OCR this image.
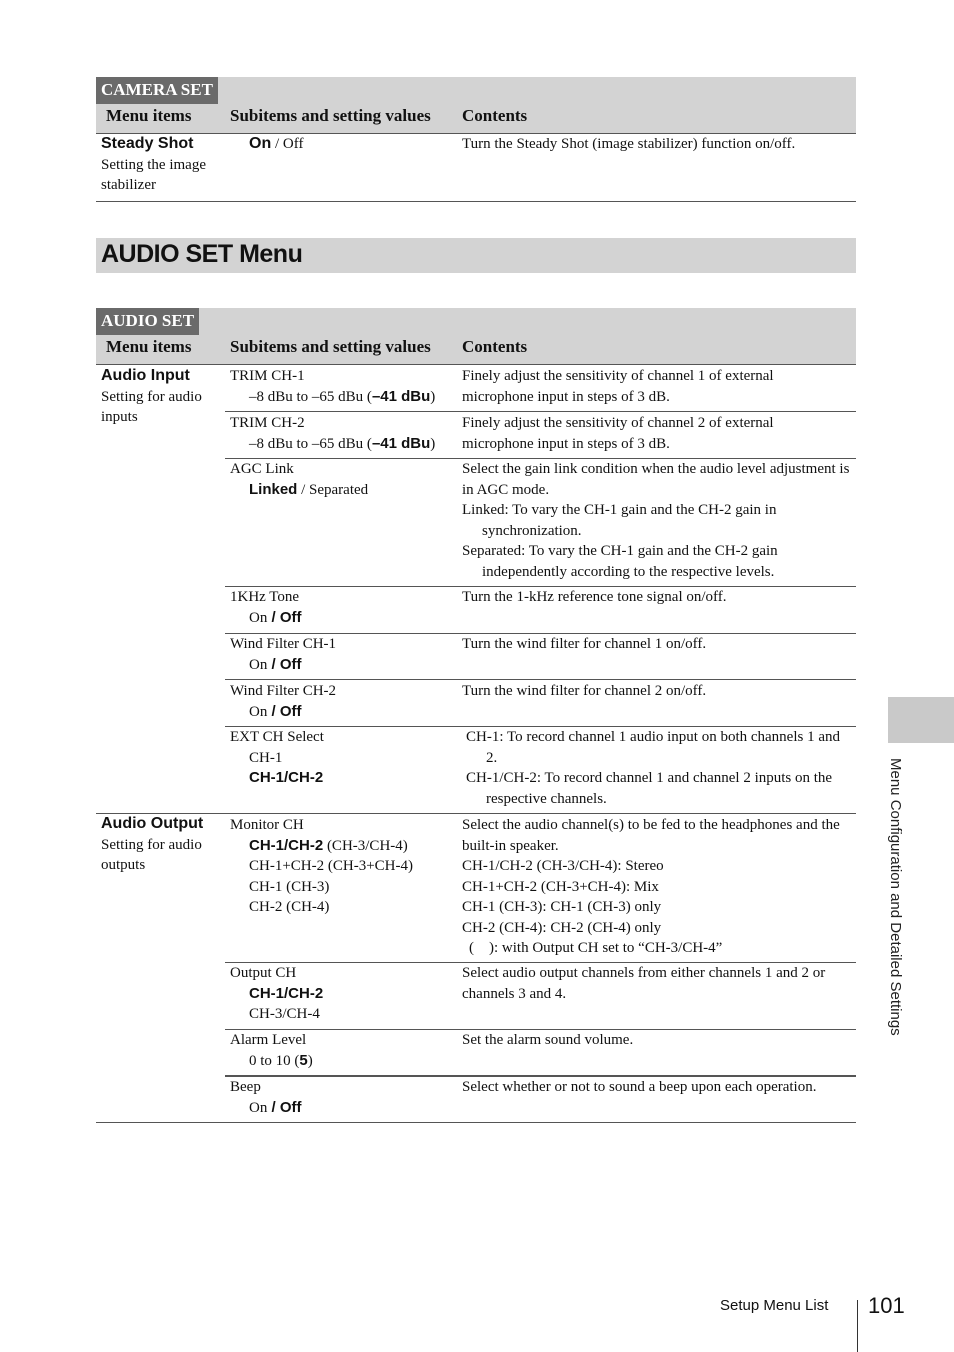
CAMERA SET
Menu items Subitems and setting values Contents
Steady Shot
Setting the image stabilizer
On / Off	Turn the Steady Shot (image stabilizer) function on/off.
AUDIO SET Menu
AUDIO SET
Menu items Subitems and setting values Contents
Audio Input
Setting for audio inputs
TRIM CH-1
–8 dBu to –65 dBu (–41 dBu)
Finely adjust the sensitivity of channel 1 of external microphone input in steps of 3 dB.
TRIM CH-2
–8 dBu to –65 dBu (–41 dBu)
Finely adjust the sensitivity of channel 2 of external microphone input in steps of 3 dB.
AGC Link
Linked / Separated
Select the gain link condition when the audio level adjustment is in AGC mode.
Linked: To vary the CH-1 gain and the CH-2 gain in synchronization.
Separated: To vary the CH-1 gain and the CH-2 gain independently according to the respective levels.
1KHz Tone
On / Off
Turn the 1-kHz reference tone signal on/off.
Wind Filter CH-1
On / Off
Turn the wind filter for channel 1 on/off.
Wind Filter CH-2
On / Off
Turn the wind filter for channel 2 on/off.
EXT CH Select
CH-1
CH-1/CH-2
CH-1: To record channel 1 audio input on both channels 1 and 2.
CH-1/CH-2: To record channel 1 and channel 2 inputs on the respective channels.
Audio Output
Setting for audio outputs
Monitor CH
CH-1/CH-2 (CH-3/CH-4)
CH-1+CH-2 (CH-3+CH-4)
CH-1 (CH-3)
CH-2 (CH-4)
Select the audio channel(s) to be fed to the headphones and the built-in speaker.
CH-1/CH-2 (CH-3/CH-4): Stereo
CH-1+CH-2 (CH-3+CH-4): Mix
CH-1 (CH-3): CH-1 (CH-3) only
CH-2 (CH-4): CH-2 (CH-4) only
(    ): with Output CH set to “CH-3/CH-4”
Output CH
CH-1/CH-2
CH-3/CH-4
Select audio output channels from either channels 1 and 2 or channels 3 and 4.
Alarm Level
0 to 10 (5)
Set the alarm sound volume.
Beep
On / Off
Select whether or not to sound a beep upon each operation.
Menu Configuration and Detailed Settings
Setup Menu List 101
